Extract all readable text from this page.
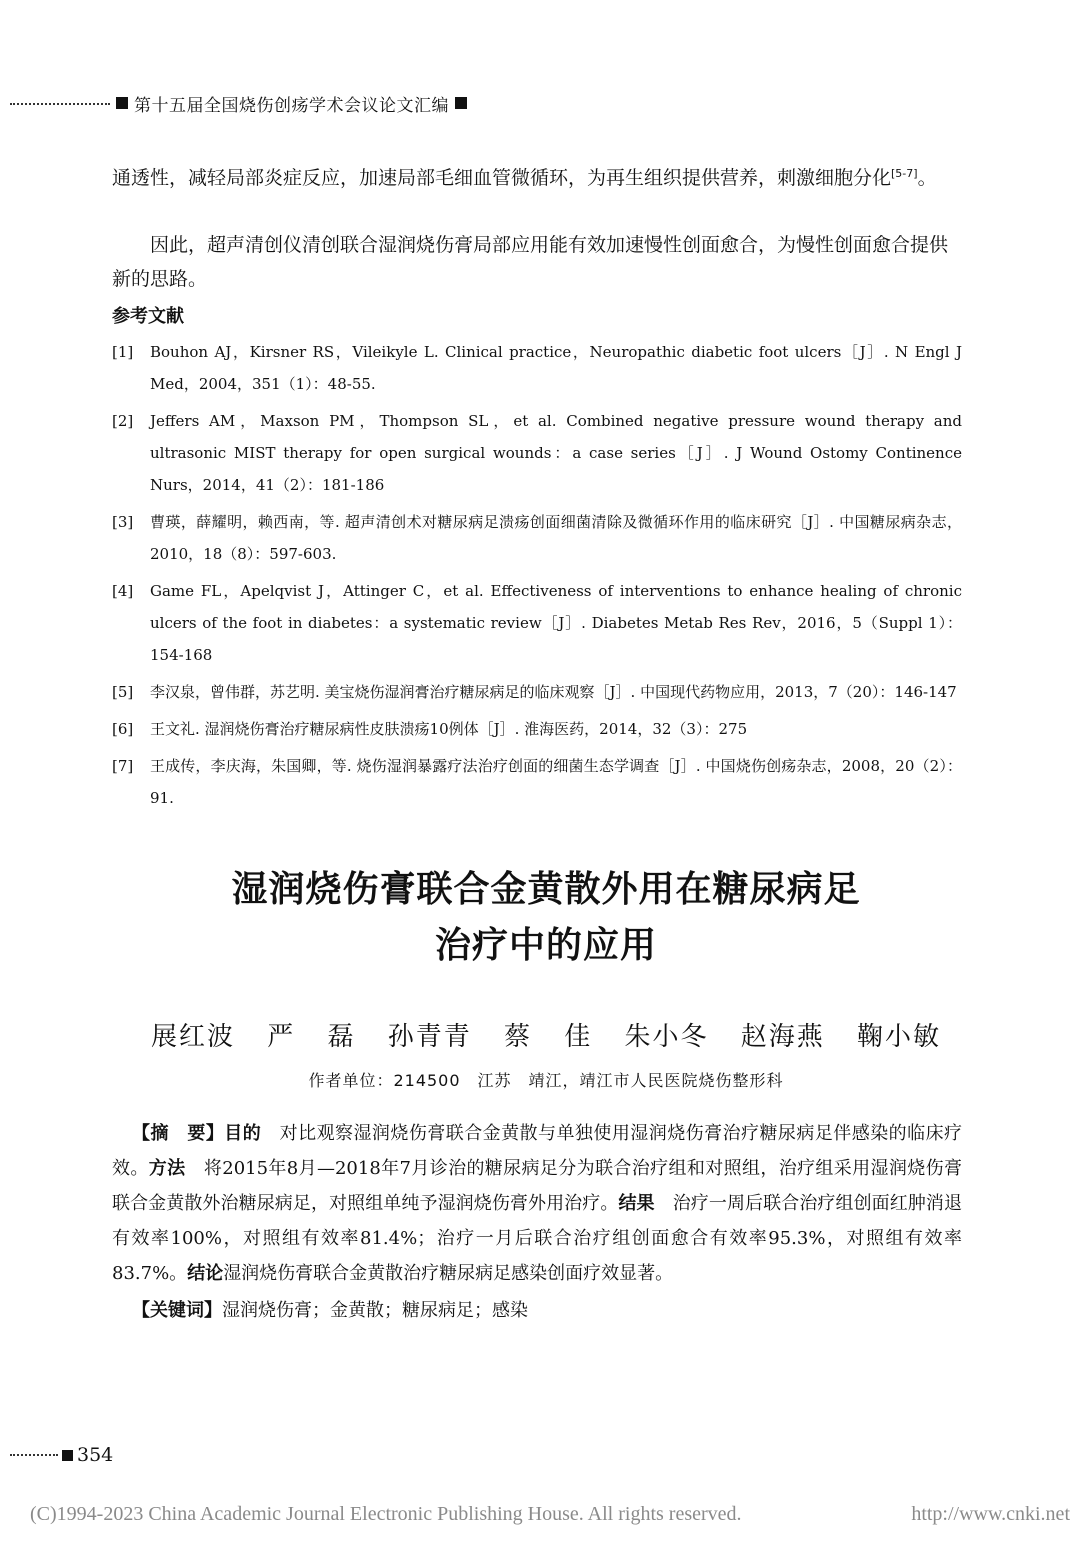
第十五届全国烧伤创疡学术会议论文汇编
通透性，减轻局部炎症反应，加速局部毛细血管微循环，为再生组织提供营养，刺激细胞分化[5-7]。
因此，超声清创仪清创联合湿润烧伤膏局部应用能有效加速慢性创面愈合，为慢性创面愈合提供新的思路。
参考文献
[1] Bouhon AJ，Kirsner RS，Vileikyle L. Clinical practice，Neuropathic diabetic foot ulcers［J］. N Engl J Med，2004，351（1）：48-55.
[2] Jeffers AM，Maxson PM，Thompson SL，et al. Combined negative pressure wound therapy and ultrasonic MIST therapy for open surgical wounds：a case series［J］. J Wound Ostomy Continence Nurs，2014，41（2）：181-186
[3] 曹瑛，薛耀明，赖西南，等. 超声清创术对糖尿病足溃疡创面细菌清除及微循环作用的临床研究［J］. 中国糖尿病杂志，2010，18（8）：597-603.
[4] Game FL，Apelqvist J，Attinger C，et al. Effectiveness of interventions to enhance healing of chronic ulcers of the foot in diabetes：a systematic review［J］. Diabetes Metab Res Rev，2016，5（Suppl 1）：154-168
[5] 李汉泉，曾伟群，苏艺明. 美宝烧伤湿润膏治疗糖尿病足的临床观察［J］. 中国现代药物应用，2013，7（20）：146-147
[6] 王文礼. 湿润烧伤膏治疗糖尿病性皮肤溃疡10例体［J］. 淮海医药，2014，32（3）：275
[7] 王成传，李庆海，朱国卿，等. 烧伤湿润暴露疗法治疗创面的细菌生态学调查［J］. 中国烧伤创疡杂志，2008，20（2）：91.
湿润烧伤膏联合金黄散外用在糖尿病足
治疗中的应用
展红波 严 磊 孙青青 蔡 佳 朱小冬 赵海燕 鞠小敏
作者单位：214500　江苏　靖江，靖江市人民医院烧伤整形科
【摘　要】目的　对比观察湿润烧伤膏联合金黄散与单独使用湿润烧伤膏治疗糖尿病足伴感染的临床疗效。方法　将2015年8月—2018年7月诊治的糖尿病足分为联合治疗组和对照组，治疗组采用湿润烧伤膏联合金黄散外治糖尿病足，对照组单纯予湿润烧伤膏外用治疗。结果　治疗一周后联合治疗组创面红肿消退有效率100%，对照组有效率81.4%；治疗一月后联合治疗组创面愈合有效率95.3%，对照组有效率83.7%。结论湿润烧伤膏联合金黄散治疗糖尿病足感染创面疗效显著。
【关键词】湿润烧伤膏；金黄散；糖尿病足；感染
354
(C)1994-2023 China Academic Journal Electronic Publishing House. All rights reserved.	http://www.cnki.net
